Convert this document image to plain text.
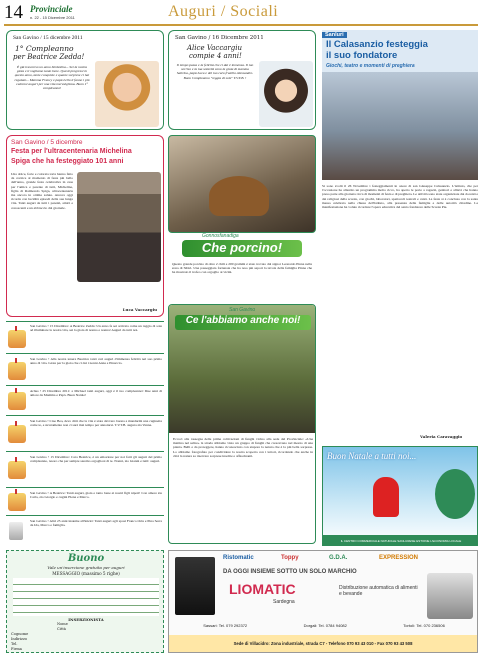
14 Provinciale
n. 22 - 15 Dicembre 2011	Auguri / Sociali
San Gavino / 15 dicembre 2011
1° Compleanno
per Beatrice Zedda!
È già trascorso un anno bimbolina... Sei la nostra gioia e ti vogliamo tanto bene. Questi progressi in questo anno, tante conquiste e quante sorprese ci hai regalato... Mamma Francy e papà Lello ti fanno i più calorosi auguri per una vita meravigliosa. Buon 1° compleanno!
San Gavino / 16 Dicembre 2011
Alice Vaccargiu
compie 4 anni!
Il tempo passa e la felicità che ci dai è immensa. Il tuo sorriso e la tua solarità sono la gioia di mamma Sabrina, papà Luca e del tuo caro fratello Alessandro. Buon Compleanno "reggia di sole" T.V.T.B. !
San Gavino / 5 dicembre
Festa per l'ultracentenaria Michelina
Spiga che ha festeggiato 101 anni
Una dolce, forte e colorata torta hanno fatto da cornice al momento di festa più bello dell'anno, grande festa celebrativa in casa per l'amica e parente di tutti, Michelina, figlia di Raimondo Spiga, ultracentenaria ma ancora in ottima salute. Ancora oggi ricorda con lucidità episodi della sua lunga vita. Tanti auguri da tutti i parenti, amici e conoscenti e un abbraccio dal giornale.
Luca Vaccargiu
San Gavino • 15 Dicembre: A Beatrice Zedda: Un anno fa sei arrivata come un raggio di sole ad illuminare la nostra vita, sei la gioia di nonno e nonna! Auguri da tutti noi.
San Gavino • Alla nostra tenera Beatrice tanti cari auguri d'immensa felicità nel suo primo anno di vita. Gioia per la gioia che ci dai i nonni Anna e Pinuccio.
Arbus • 25 Dicembre 2011: a Michael tanti auguri, oggi è il tuo compleanno! Due anni di amore da Mamma e Papà. Buon Natale!
San Gavino • Ciao Bea, devo dirti che la vita è stata davvero buona a mandarmi una cuginetta come te, e sicuramente non ci sarà mai tempo per annoiarsi. T.V.T.B. augura zia Vanna.
San Gavino • 15 Dicembre: Cara Beatrice, è un emozione per noi farti gli auguri del primo compleanno, tesoro che per sempre saremo orgogliosi di te. Nonni, zio Gianni e tutti: auguri.
San Gavino • A Beatrice: Tanti auguri, gioia e tanto bene ai nostri figli nipoti! Con amore zia Carla, zio Giorgio e cugini Elena e Marco.
San Gavino • Altri 25 anni insieme all'inizio! Tanti auguri agli sposi Franco Ortu e Pina Serra da Ida, Marco e famiglia.
Buono
Vale un'inserzione gratuita per auguri
MESSAGGIO (massimo 5 righe)
INSERZIONISTA
Nome
Città
Cognome
Indirizzo
Tel.
Firma
Gonnosfanadiga
Che porcino!
Questo grande porcino di oltre 2 chili e 200 grammi è stato trovato dal signor Leonardo Pinna nella zona di Sibiri. Una passeggiata fortunata che ha reso più sapori la tavola della famiglia Pinna che ha mostrato il trofeo con orgoglio ai vicini.
San Gavino
Ce l'abbiamo anche noi!
Eccoci alla rassegna delle prime coltivazioni di funghi vicino alla sede del Provinciale: «Una mattina nel salire» la strada abbiamo visto un gruppo di funghi che crescevano nel mezzo di una pianta. Belli e da proteggere, hanno riconosciuto con stupore la natura che è la più bella sorpresa. Lo abbiamo fotografato per condividere la nostra scoperta con i lettori, ricordando che anche in città la natura sa riservare sorprese insolite e affascinanti.
Sanluri
Il Calasanzio festeggia
il suo fondatore
Giochi, teatro e momenti di preghiera
Si sono svolti il 26 Novembre i festeggiamenti in onore di san Giuseppe Calasanzio. L'istituto, che per l'occasione ha allestito un programma molto ricco, ha aperto le porte a ragazzi, genitori e allievi che hanno preso parte alla giornata ricca di momenti di festa e di preghiera. Le attività sono state organizzate dai docenti e dai religiosi della scuola, con giochi, laboratori, spettacoli teatrali e canti. La festa si è conclusa con la santa messa celebrata nella chiesa dell'istituto, alla presenza delle famiglie e delle autorità cittadine. La manifestazione ha voluto ricordare l'opera educativa del santo fondatore delle Scuole Pie.
Valeria Caravaggio
Buon Natale a tutti noi...
IL CENTRO COMMERCIALE NATURALE SANLURESE ESTIONE L'ECONOMIA LOCALE
Ristomatic	Toppy	G.D.A.	EXPRESSION
DA OGGI INSIEME SOTTO UN SOLO MARCHIO
LIOMATIC
Sardegna
Distribuzione automatica di alimenti e bevande
Sassari: Tel. 079 292372	Dorgali: Tel. 0784 94082	Tortolì: Tel. 070 236506
Sede di Villacidro: Zona industriale, strada C7 - Telefono 070 93 43 010 - Fax 070 93 43 508
